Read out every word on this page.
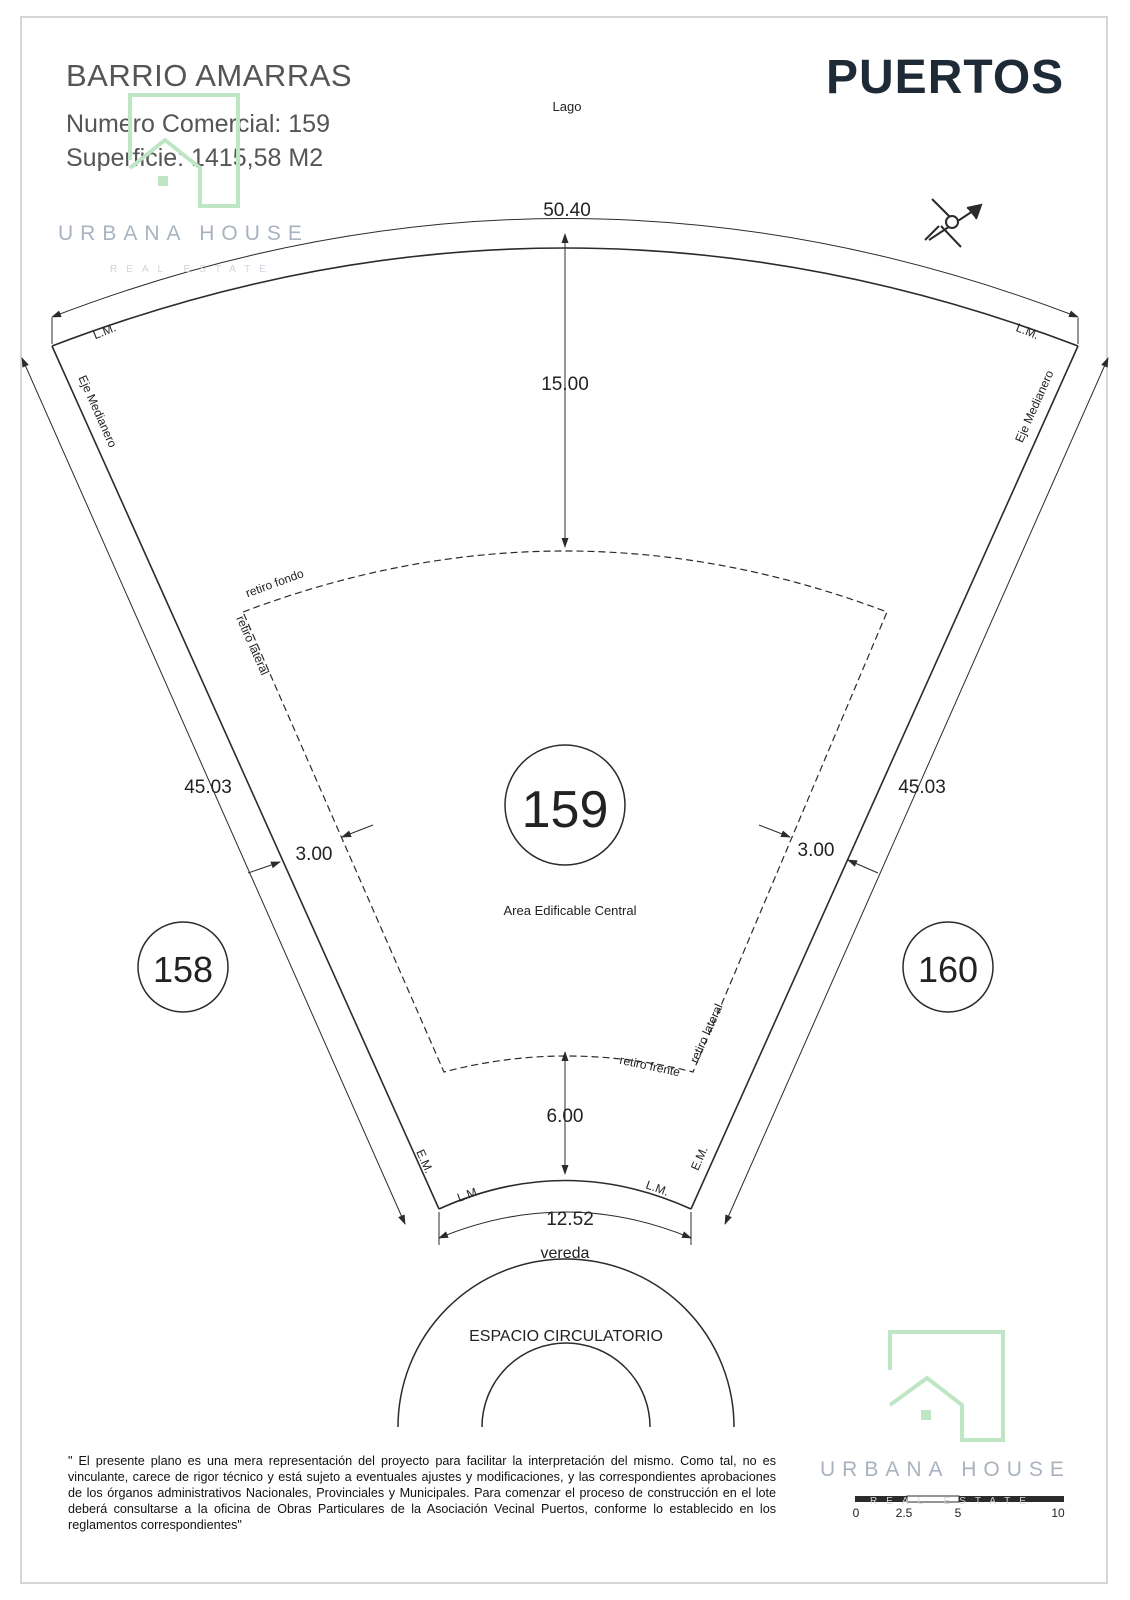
BARRIO AMARRAS
Numero Comercial: 159
Superficie: 1415,58 M2
PUERTOS
Lago
50.40
15.00
6.00
12.52
vereda
ESPACIO CIRCULATORIO
45.03	45.03
3.00	3.00
159
158	160
Area Edificable Central
L.M.	L.M.
L.M.	L.M.
E.M.	E.M.
Eje Medianero	Eje Medianero
retiro fondo
retiro lateral
retiro lateral
retiro frente
0	2.5	5	10
URBANA HOUSE
REAL ESTATE
URBANA HOUSE
REAL ESTATE
" El presente plano es una mera representación del proyecto para facilitar la interpretación del mismo. Como tal, no es vinculante, carece de rigor técnico y está sujeto a eventuales ajustes y modificaciones, y las correspondientes aprobaciones de los órganos administrativos Nacionales, Provinciales y Municipales. Para comenzar el proceso de construcción en el lote deberá consultarse a la oficina de Obras Particulares de la Asociación Vecinal Puertos, conforme lo establecido en los reglamentos correspondientes"
